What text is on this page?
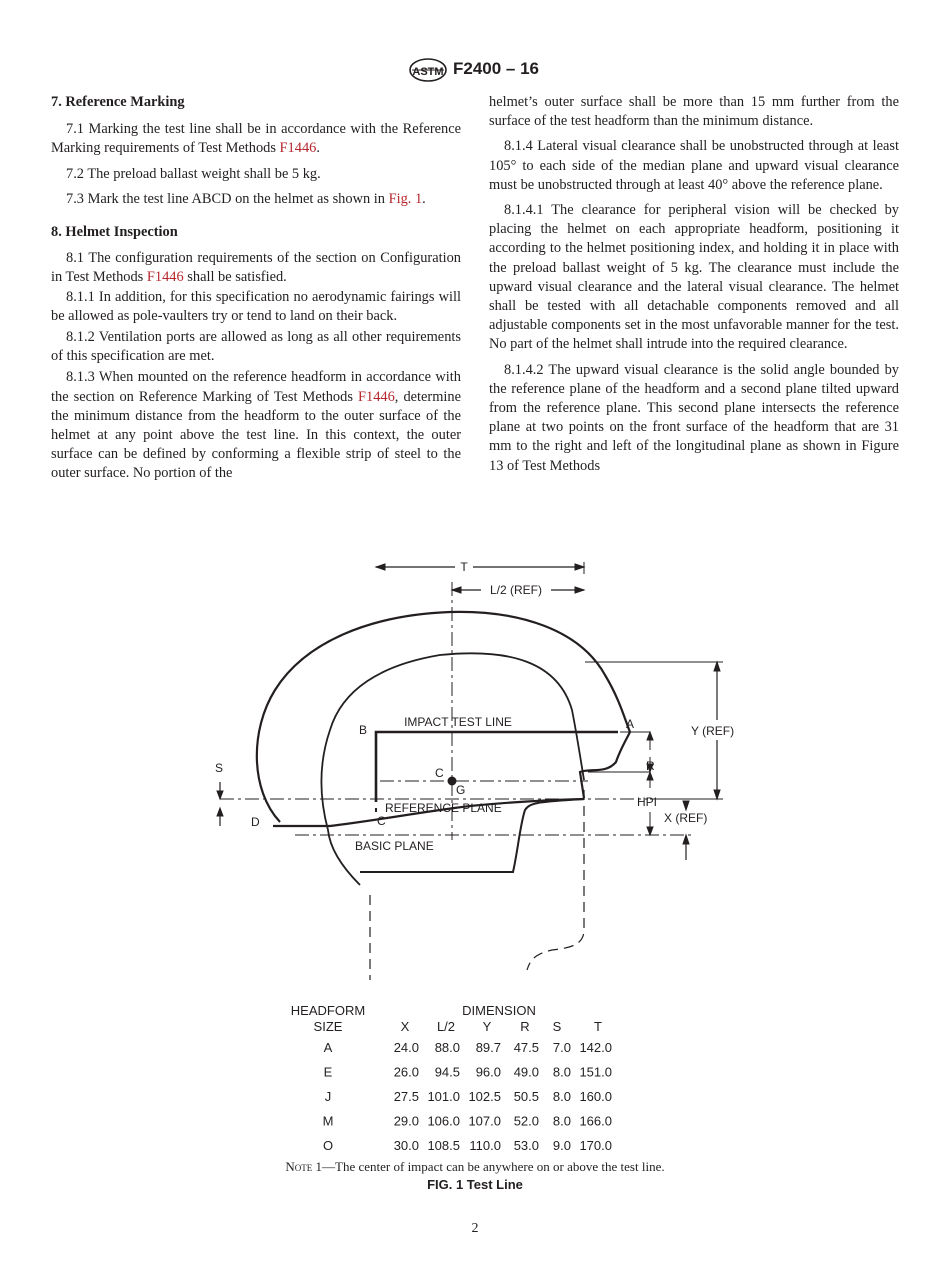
ASTM F2400 – 16

7. Reference Marking

7.1 Marking the test line shall be in accordance with the Reference Marking requirements of Test Methods F1446.

7.2 The preload ballast weight shall be 5 kg.

7.3 Mark the test line ABCD on the helmet as shown in Fig. 1.

8. Helmet Inspection

8.1 The configuration requirements of the section on Configuration in Test Methods F1446 shall be satisfied.

8.1.1 In addition, for this specification no aerodynamic fairings will be allowed as pole-vaulters try or tend to land on their back.

8.1.2 Ventilation ports are allowed as long as all other requirements of this specification are met.

8.1.3 When mounted on the reference headform in accordance with the section on Reference Marking of Test Methods F1446, determine the minimum distance from the headform to the outer surface of the helmet at any point above the test line. In this context, the outer surface can be defined by conforming a flexible strip of steel to the outer surface. No portion of the

helmet’s outer surface shall be more than 15 mm further from the surface of the test headform than the minimum distance.

8.1.4 Lateral visual clearance shall be unobstructed through at least 105° to each side of the median plane and upward visual clearance must be unobstructed through at least 40° above the reference plane.

8.1.4.1 The clearance for peripheral vision will be checked by placing the helmet on each appropriate headform, positioning it according to the helmet positioning index, and holding it in place with the preload ballast weight of 5 kg. The clearance must include the upward visual clearance and the lateral visual clearance. The helmet shall be tested with all detachable components removed and all adjustable components set in the most unfavorable manner for the test. No part of the helmet shall intrude into the required clearance.

8.1.4.2 The upward visual clearance is the solid angle bounded by the reference plane of the headform and a second plane tilted upward from the reference plane. This second plane intersects the reference plane at two points on the front surface of the headform that are 31 mm to the right and left of the longitudinal plane as shown in Figure 13 of Test Methods

T
L/2 (REF)
IMPACT TEST LINE	A
B
C
G
C
D
S	R
Y (REF)
X (REF)
HPI
REFERENCE PLANE
BASIC PLANE
HEADFORM	DIMENSION
SIZE	X L/2 Y R S	T
A	24.0 88.0 89.7 47.5 7.0 142.0
E	26.0 94.5 96.0 49.0 8.0 151.0
J	27.5 101.0 102.5 50.5 8.0 160.0
M	29.0 106.0 107.0 52.0 8.0 166.0
O	30.0 108.5 110.0 53.0 9.0 170.0
Note 1—The center of impact can be anywhere on or above the test line.
FIG. 1 Test Line
2
